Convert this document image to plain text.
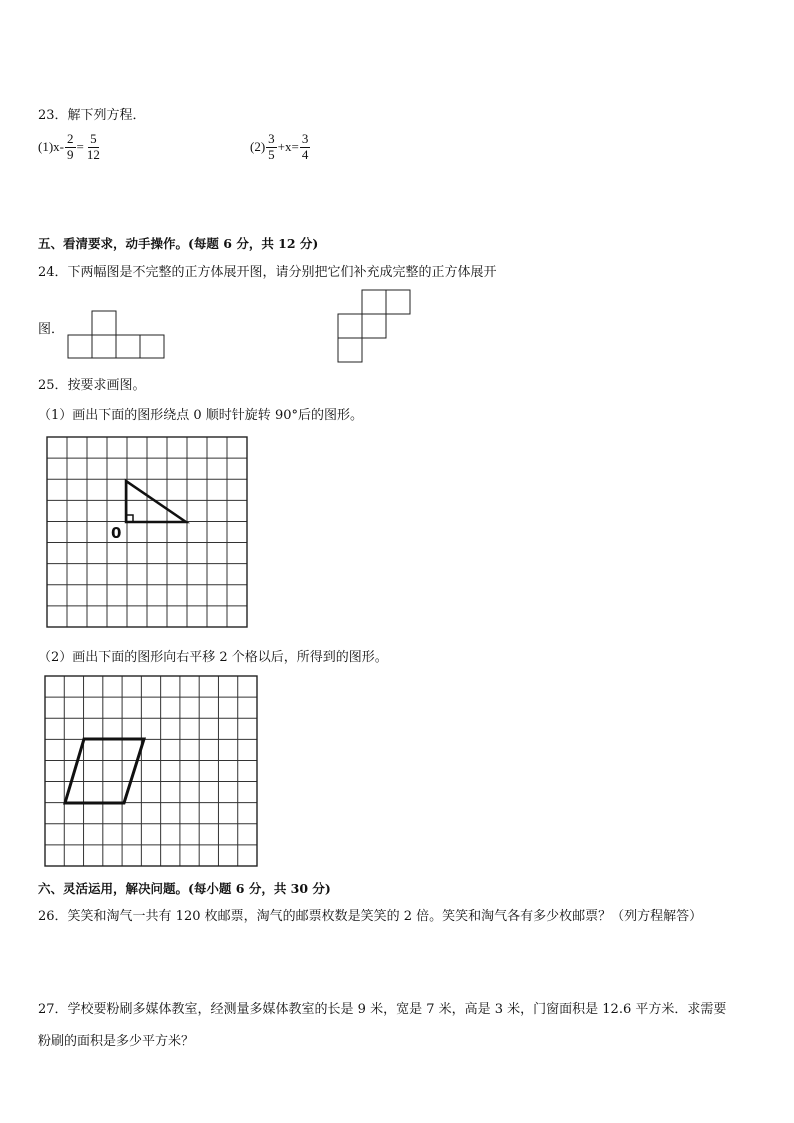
23．解下列方程．
$(1)x- \frac{2}{9} = \frac{5}{12}$	$(2) \frac{3}{5} +x= \frac{3}{4}$
五、看清要求，动手操作。(每题 6 分，共 12 分)
24．下两幅图是不完整的正方体展开图，请分别把它们补充成完整的正方体展开
图．
25．按要求画图。
（1）画出下面的图形绕点 0 顺时针旋转 90°后的图形。
0
（2）画出下面的图形向右平移 2 个格以后，所得到的图形。
六、灵活运用，解决问题。(每小题 6 分，共 30 分)
26．笑笑和淘气一共有 120 枚邮票，淘气的邮票枚数是笑笑的 2 倍。笑笑和淘气各有多少枚邮票？（列方程解答）
27．学校要粉刷多媒体教室，经测量多媒体教室的长是 9 米，宽是 7 米，高是 3 米，门窗面积是 12.6 平方米．求需要
粉刷的面积是多少平方米？
